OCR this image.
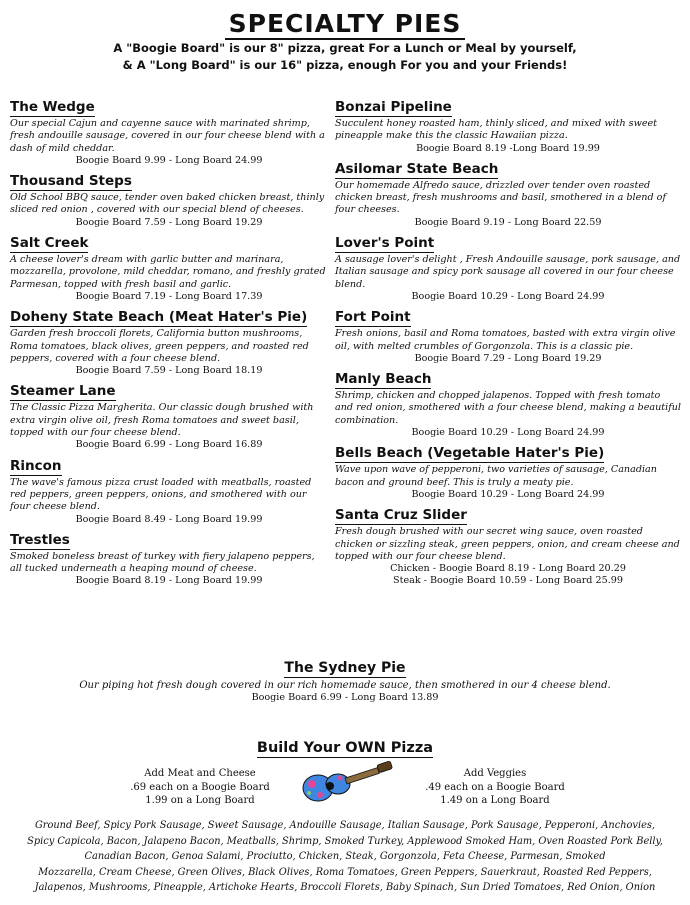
SPECIALTY PIES
A "Boogie Board" is our 8" pizza, great For a Lunch or Meal by yourself,
& A "Long Board" is our 16" pizza, enough For you and your Friends!
The Wedge
Our special Cajun and cayenne sauce with marinated shrimp, fresh andouille sausage, covered in our four cheese blend with a dash of mild cheddar.
Boogie Board 9.99 - Long Board 24.99
Thousand Steps
Old School BBQ sauce, tender oven baked chicken breast, thinly sliced red onion , covered with our special blend of cheeses.
Boogie Board 7.59 - Long Board 19.29
Salt Creek
A cheese lover's dream with garlic butter and marinara, mozzarella, provolone, mild cheddar, romano, and freshly grated Parmesan, topped with fresh basil and garlic.
Boogie Board 7.19 - Long Board 17.39
Doheny State Beach (Meat Hater's Pie)
Garden fresh broccoli florets, California button mushrooms, Roma tomatoes, black olives, green peppers, and roasted red peppers, covered with a four cheese blend.
Boogie Board 7.59 - Long Board 18.19
Steamer Lane
The Classic Pizza Margherita. Our classic dough brushed with extra virgin olive oil, fresh Roma tomatoes and sweet basil, topped with our four cheese blend.
Boogie Board 6.99 - Long Board 16.89
Rincon
The wave's famous pizza crust loaded with meatballs, roasted red peppers, green peppers, onions, and smothered with our four cheese blend.
Boogie Board 8.49 - Long Board 19.99
Trestles
Smoked boneless breast of turkey with fiery jalapeno peppers, all tucked underneath a heaping mound of cheese.
Boogie Board 8.19 - Long Board 19.99
Bonzai Pipeline
Succulent honey roasted ham, thinly sliced, and mixed with sweet pineapple make this the classic Hawaiian pizza.
Boogie Board 8.19 -Long Board 19.99
Asilomar State Beach
Our homemade Alfredo sauce, drizzled over tender oven roasted chicken breast, fresh mushrooms and basil, smothered in a blend of four cheeses.
Boogie Board 9.19 - Long Board 22.59
Lover's Point
A sausage lover's delight , Fresh Andouille sausage, pork sausage, and Italian sausage and spicy pork sausage all covered in our four cheese blend.
Boogie Board 10.29 - Long Board 24.99
Fort Point
Fresh onions, basil and Roma tomatoes, basted with extra virgin olive oil, with melted crumbles of Gorgonzola. This is a classic pie.
Boogie Board 7.29 - Long Board 19.29
Manly Beach
Shrimp, chicken and chopped jalapenos. Topped with fresh tomato and red onion, smothered with a four cheese blend, making a beautiful combination.
Boogie Board 10.29 - Long Board 24.99
Bells Beach (Vegetable Hater's Pie)
Wave upon wave of pepperoni, two varieties of sausage, Canadian bacon and ground beef. This is truly a meaty pie.
Boogie Board 10.29 - Long Board 24.99
Santa Cruz Slider
Fresh dough brushed with our secret wing sauce, oven roasted chicken or sizzling steak, green peppers, onion, and cream cheese and topped with our four cheese blend.
Chicken - Boogie Board 8.19 - Long Board 20.29
Steak - Boogie Board 10.59 - Long Board 25.99
The Sydney Pie
Our piping hot fresh dough covered in our rich homemade sauce, then smothered in our 4 cheese blend.
Boogie Board 6.99 - Long Board 13.89
Build Your OWN Pizza
Add Meat and Cheese
.69 each on a Boogie Board
1.99 on a Long Board
Add Veggies
.49 each on a Boogie Board
1.49 on a Long Board
Ground Beef, Spicy Pork Sausage, Sweet Sausage, Andouille Sausage, Italian Sausage, Pork Sausage, Pepperoni, Anchovies,
Spicy Capicola, Bacon, Jalapeno Bacon, Meatballs, Shrimp, Smoked Turkey, Applewood Smoked Ham, Oven Roasted Pork Belly,
Canadian Bacon, Genoa Salami, Prociutto, Chicken, Steak, Gorgonzola, Feta Cheese, Parmesan, Smoked
Mozzarella, Cream Cheese, Green Olives, Black Olives, Roma Tomatoes, Green Peppers, Sauerkraut, Roasted Red Peppers,
Jalapenos, Mushrooms, Pineapple, Artichoke Hearts, Broccoli Florets, Baby Spinach, Sun Dried Tomatoes, Red Onion, Onion
